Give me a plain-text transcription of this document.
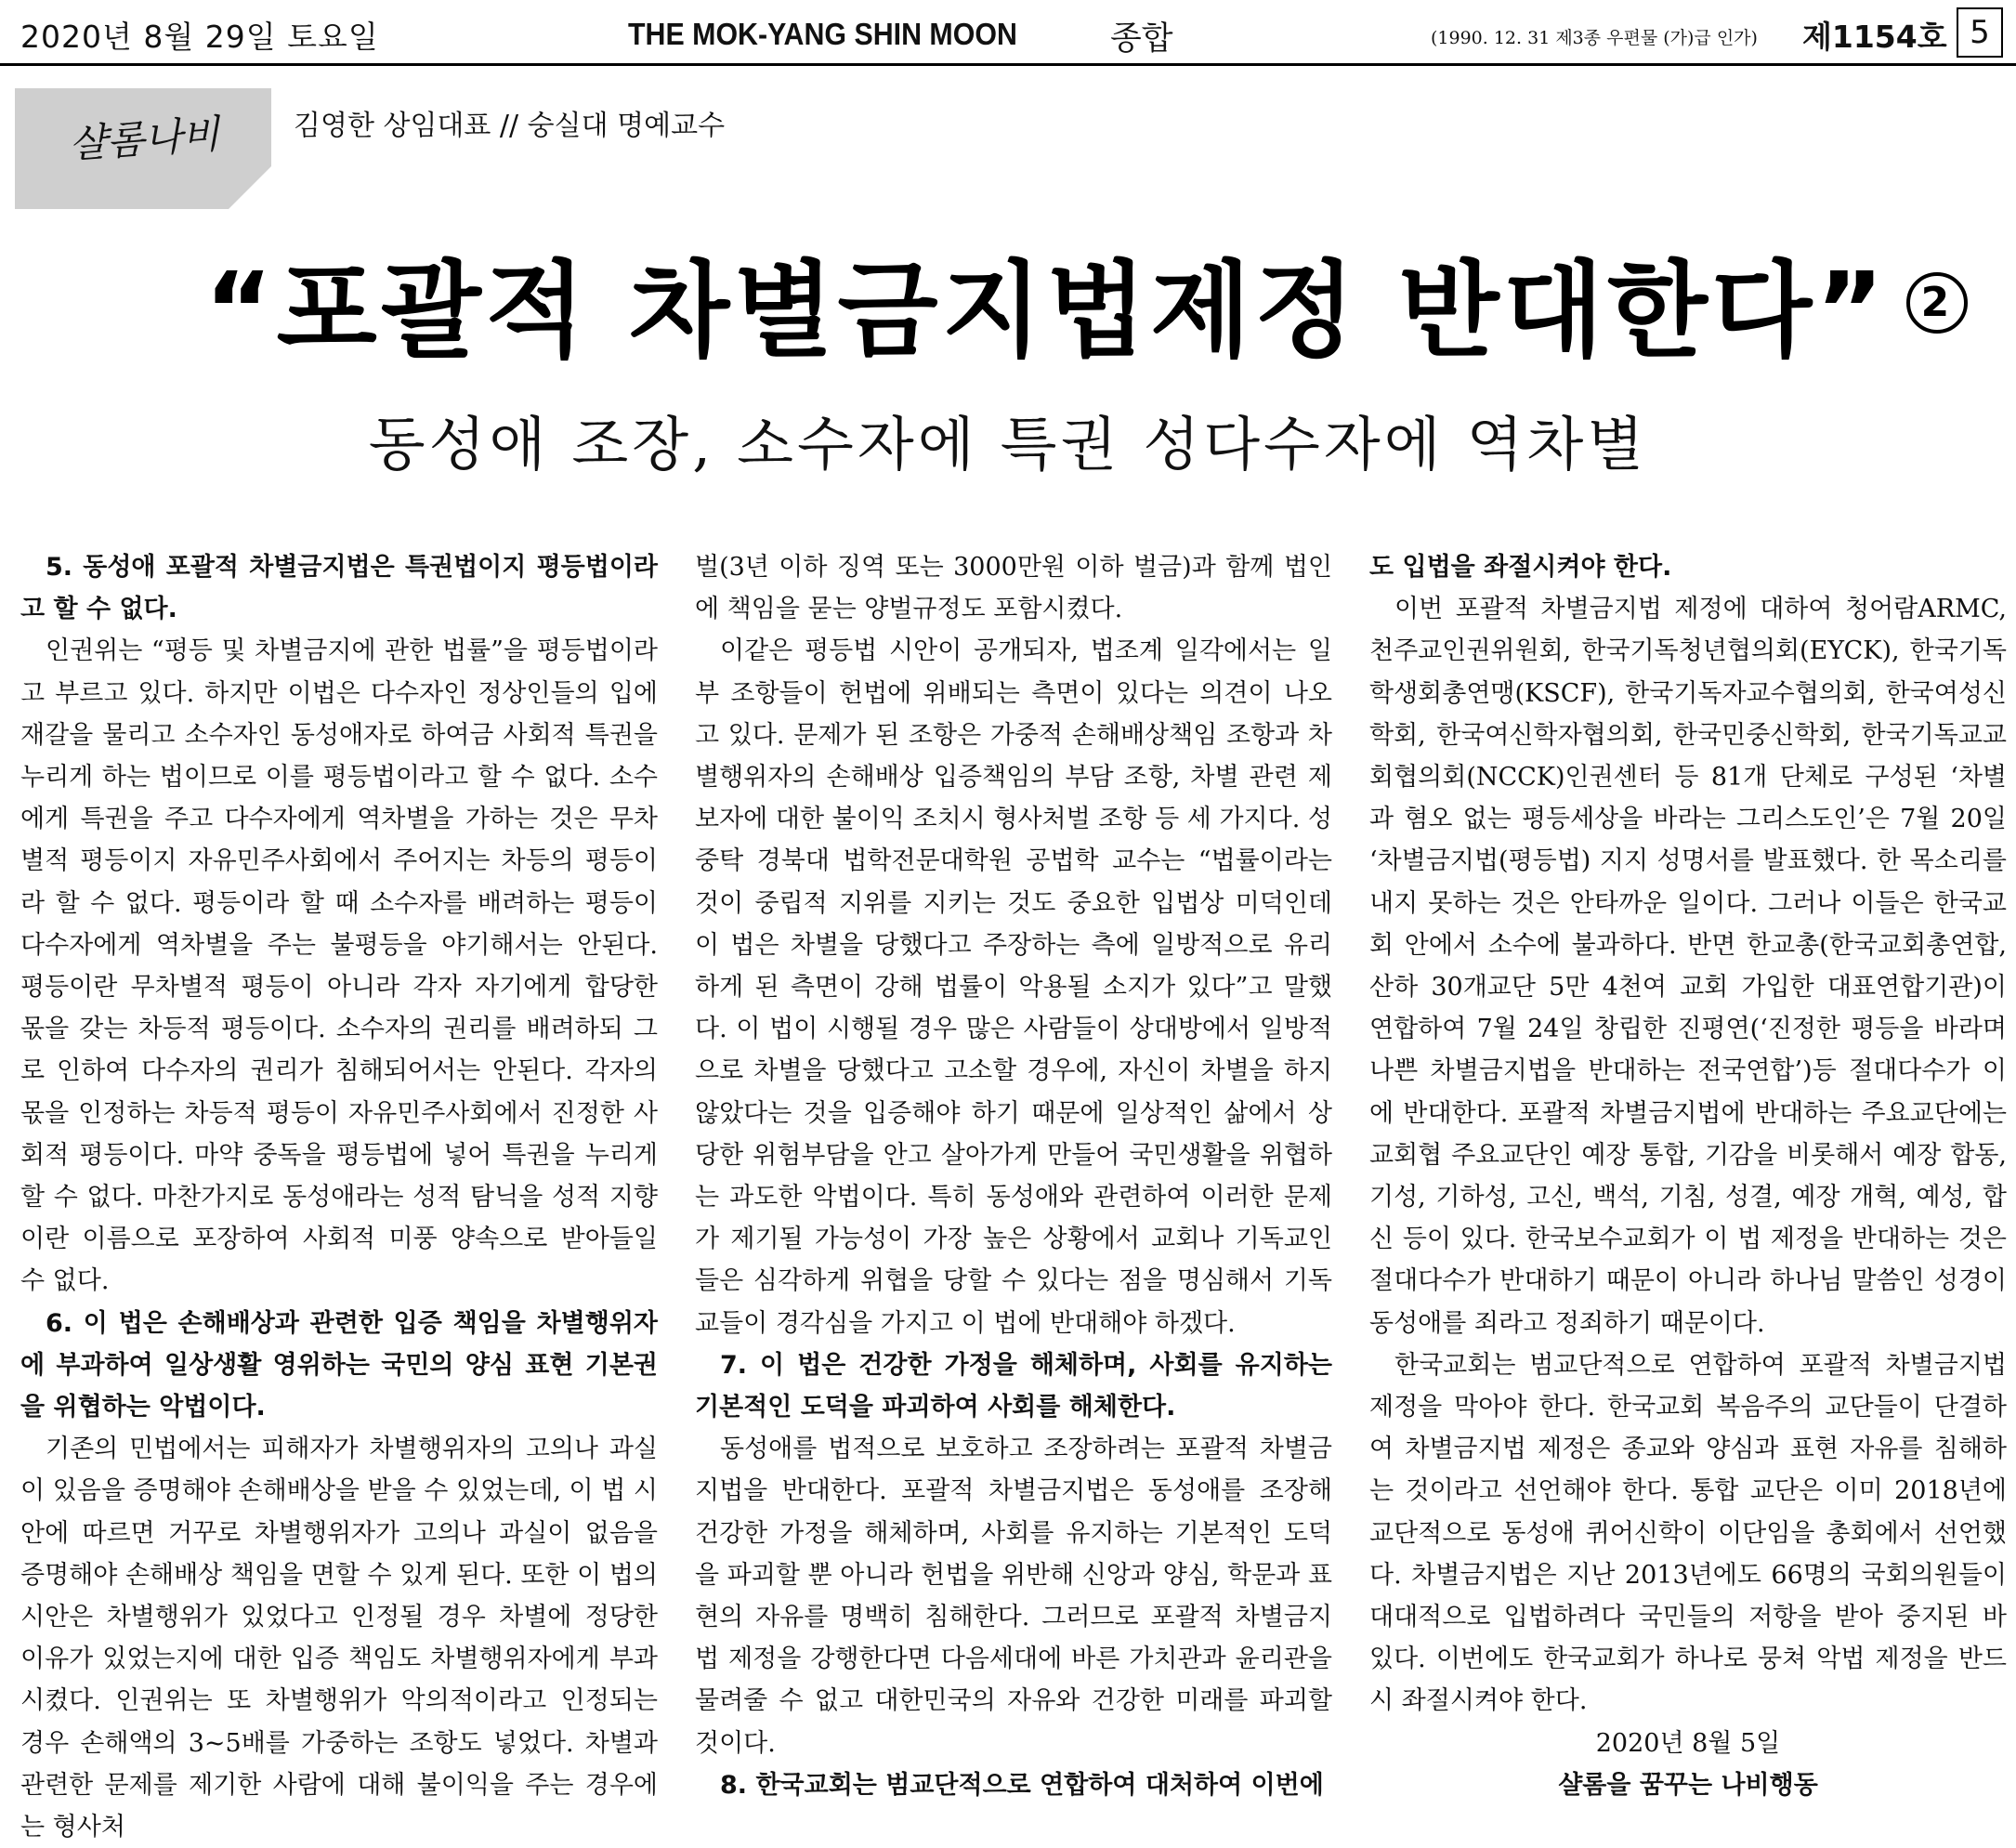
2020년 8월 29일 토요일	THE MOK-YANG SHIN MOON	종합	(1990. 12. 31 제3종 우편물 (가)급 인가) 제1154호 5
샬롬나비	김영한 상임대표 // 숭실대 명예교수
“포괄적 차별금지법제정 반대한다” 2
동성애 조장, 소수자에 특권 성다수자에 역차별

5. 동성애 포괄적 차별금지법은 특권법이지 평등법이라고 할 수 없다.

인권위는 “평등 및 차별금지에 관한 법률”을 평등법이라고 부르고 있다. 하지만 이법은 다수자인 정상인들의 입에 재갈을 물리고 소수자인 동성애자로 하여금 사회적 특권을 누리게 하는 법이므로 이를 평등법이라고 할 수 없다. 소수에게 특권을 주고 다수자에게 역차별을 가하는 것은 무차별적 평등이지 자유민주사회에서 주어지는 차등의 평등이라 할 수 없다. 평등이라 할 때 소수자를 배려하는 평등이 다수자에게 역차별을 주는 불평등을 야기해서는 안된다. 평등이란 무차별적 평등이 아니라 각자 자기에게 합당한 몫을 갖는 차등적 평등이다. 소수자의 권리를 배려하되 그로 인하여 다수자의 권리가 침해되어서는 안된다. 각자의 몫을 인정하는 차등적 평등이 자유민주사회에서 진정한 사회적 평등이다. 마약 중독을 평등법에 넣어 특권을 누리게 할 수 없다. 마찬가지로 동성애라는 성적 탐닉을 성적 지향이란 이름으로 포장하여 사회적 미풍 양속으로 받아들일 수 없다.

6. 이 법은 손해배상과 관련한 입증 책임을 차별행위자에 부과하여 일상생활 영위하는 국민의 양심 표현 기본권을 위협하는 악법이다.

기존의 민법에서는 피해자가 차별행위자의 고의나 과실이 있음을 증명해야 손해배상을 받을 수 있었는데, 이 법 시안에 따르면 거꾸로 차별행위자가 고의나 과실이 없음을 증명해야 손해배상 책임을 면할 수 있게 된다. 또한 이 법의 시안은 차별행위가 있었다고 인정될 경우 차별에 정당한 이유가 있었는지에 대한 입증 책임도 차별행위자에게 부과시켰다. 인권위는 또 차별행위가 악의적이라고 인정되는 경우 손해액의 3~5배를 가중하는 조항도 넣었다. 차별과 관련한 문제를 제기한 사람에 대해 불이익을 주는 경우에는 형사처

벌(3년 이하 징역 또는 3000만원 이하 벌금)과 함께 법인에 책임을 묻는 양벌규정도 포함시켰다.

이같은 평등법 시안이 공개되자, 법조계 일각에서는 일부 조항들이 헌법에 위배되는 측면이 있다는 의견이 나오고 있다. 문제가 된 조항은 가중적 손해배상책임 조항과 차별행위자의 손해배상 입증책임의 부담 조항, 차별 관련 제보자에 대한 불이익 조치시 형사처벌 조항 등 세 가지다. 성중탁 경북대 법학전문대학원 공법학 교수는 “법률이라는 것이 중립적 지위를 지키는 것도 중요한 입법상 미덕인데 이 법은 차별을 당했다고 주장하는 측에 일방적으로 유리하게 된 측면이 강해 법률이 악용될 소지가 있다”고 말했다. 이 법이 시행될 경우 많은 사람들이 상대방에서 일방적으로 차별을 당했다고 고소할 경우에, 자신이 차별을 하지 않았다는 것을 입증해야 하기 때문에 일상적인 삶에서 상당한 위험부담을 안고 살아가게 만들어 국민생활을 위협하는 과도한 악법이다. 특히 동성애와 관련하여 이러한 문제가 제기될 가능성이 가장 높은 상황에서 교회나 기독교인들은 심각하게 위협을 당할 수 있다는 점을 명심해서 기독교들이 경각심을 가지고 이 법에 반대해야 하겠다.

7. 이 법은 건강한 가정을 해체하며, 사회를 유지하는 기본적인 도덕을 파괴하여 사회를 해체한다.

동성애를 법적으로 보호하고 조장하려는 포괄적 차별금지법을 반대한다. 포괄적 차별금지법은 동성애를 조장해 건강한 가정을 해체하며, 사회를 유지하는 기본적인 도덕을 파괴할 뿐 아니라 헌법을 위반해 신앙과 양심, 학문과 표현의 자유를 명백히 침해한다. 그러므로 포괄적 차별금지법 제정을 강행한다면 다음세대에 바른 가치관과 윤리관을 물려줄 수 없고 대한민국의 자유와 건강한 미래를 파괴할 것이다.

8. 한국교회는 범교단적으로 연합하여 대처하여 이번에

도 입법을 좌절시켜야 한다.

이번 포괄적 차별금지법 제정에 대하여 청어람ARMC, 천주교인권위원회, 한국기독청년협의회(EYCK), 한국기독학생회총연맹(KSCF), 한국기독자교수협의회, 한국여성신학회, 한국여신학자협의회, 한국민중신학회, 한국기독교교회협의회(NCCK)인권센터 등 81개 단체로 구성된 ‘차별과 혐오 없는 평등세상을 바라는 그리스도인’은 7월 20일 ‘차별금지법(평등법) 지지 성명서를 발표했다. 한 목소리를 내지 못하는 것은 안타까운 일이다. 그러나 이들은 한국교회 안에서 소수에 불과하다. 반면 한교총(한국교회총연합, 산하 30개교단 5만 4천여 교회 가입한 대표연합기관)이 연합하여 7월 24일 창립한 진평연(‘진정한 평등을 바라며 나쁜 차별금지법을 반대하는 전국연합’)등 절대다수가 이에 반대한다. 포괄적 차별금지법에 반대하는 주요교단에는 교회협 주요교단인 예장 통합, 기감을 비롯해서 예장 합동, 기성, 기하성, 고신, 백석, 기침, 성결, 예장 개혁, 예성, 합신 등이 있다. 한국보수교회가 이 법 제정을 반대하는 것은 절대다수가 반대하기 때문이 아니라 하나님 말씀인 성경이 동성애를 죄라고 정죄하기 때문이다.

한국교회는 범교단적으로 연합하여 포괄적 차별금지법 제정을 막아야 한다. 한국교회 복음주의 교단들이 단결하여 차별금지법 제정은 종교와 양심과 표현 자유를 침해하는 것이라고 선언해야 한다. 통합 교단은 이미 2018년에 교단적으로 동성애 퀴어신학이 이단임을 총회에서 선언했다. 차별금지법은 지난 2013년에도 66명의 국회의원들이 대대적으로 입법하려다 국민들의 저항을 받아 중지된 바 있다. 이번에도 한국교회가 하나로 뭉쳐 악법 제정을 반드시 좌절시켜야 한다.

2020년 8월 5일

샬롬을 꿈꾸는 나비행동
